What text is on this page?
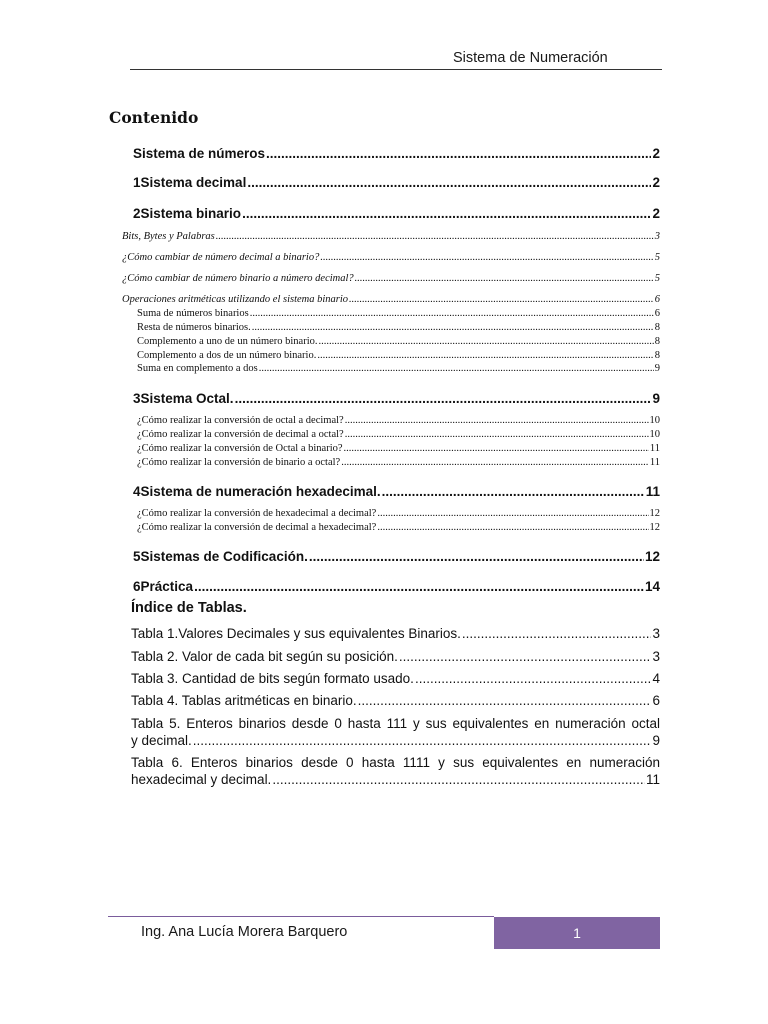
Sistema de Numeración
Contenido
Sistema de números .....	2
1 Sistema decimal .....	2
2 Sistema binario .....	2
Bits, Bytes y Palabras .....	3
¿Cómo cambiar de número decimal a binario? .....	5
¿Cómo cambiar de número binario a número decimal? .....	5
Operaciones aritméticas utilizando el sistema binario .....	6
Suma de números binarios .....	6
Resta de números binarios. .....	8
Complemento a uno de un número binario. .....	8
Complemento a dos de un número binario. .....	8
Suma en complemento a dos .....	9
3 Sistema Octal. .....	9
¿Cómo realizar la conversión de octal a decimal? .....	10
¿Cómo realizar la conversión de decimal a octal? .....	10
¿Cómo realizar la conversión de Octal a binario? .....	11
¿Cómo realizar la conversión de binario a octal? .....	11
4 Sistema de numeración hexadecimal. .....	11
¿Cómo realizar la conversión de hexadecimal a decimal? .....	12
¿Cómo realizar la conversión de decimal a hexadecimal? .....	12
5 Sistemas de Codificación. .....	12
6 Práctica .....	14
Índice de Tablas.
Tabla 1.Valores Decimales y sus equivalentes Binarios. .....	3
Tabla 2. Valor de cada bit según su posición. .....	3
Tabla 3. Cantidad de bits según formato usado. .....	4
Tabla 4. Tablas aritméticas en binario. .....	6
Tabla 5. Enteros binarios desde 0 hasta 111 y sus equivalentes en numeración octal
y decimal. .....	9
Tabla 6. Enteros binarios desde 0 hasta 1111 y sus equivalentes en numeración
hexadecimal y decimal. .....	11
Ing. Ana Lucía Morera Barquero	1
